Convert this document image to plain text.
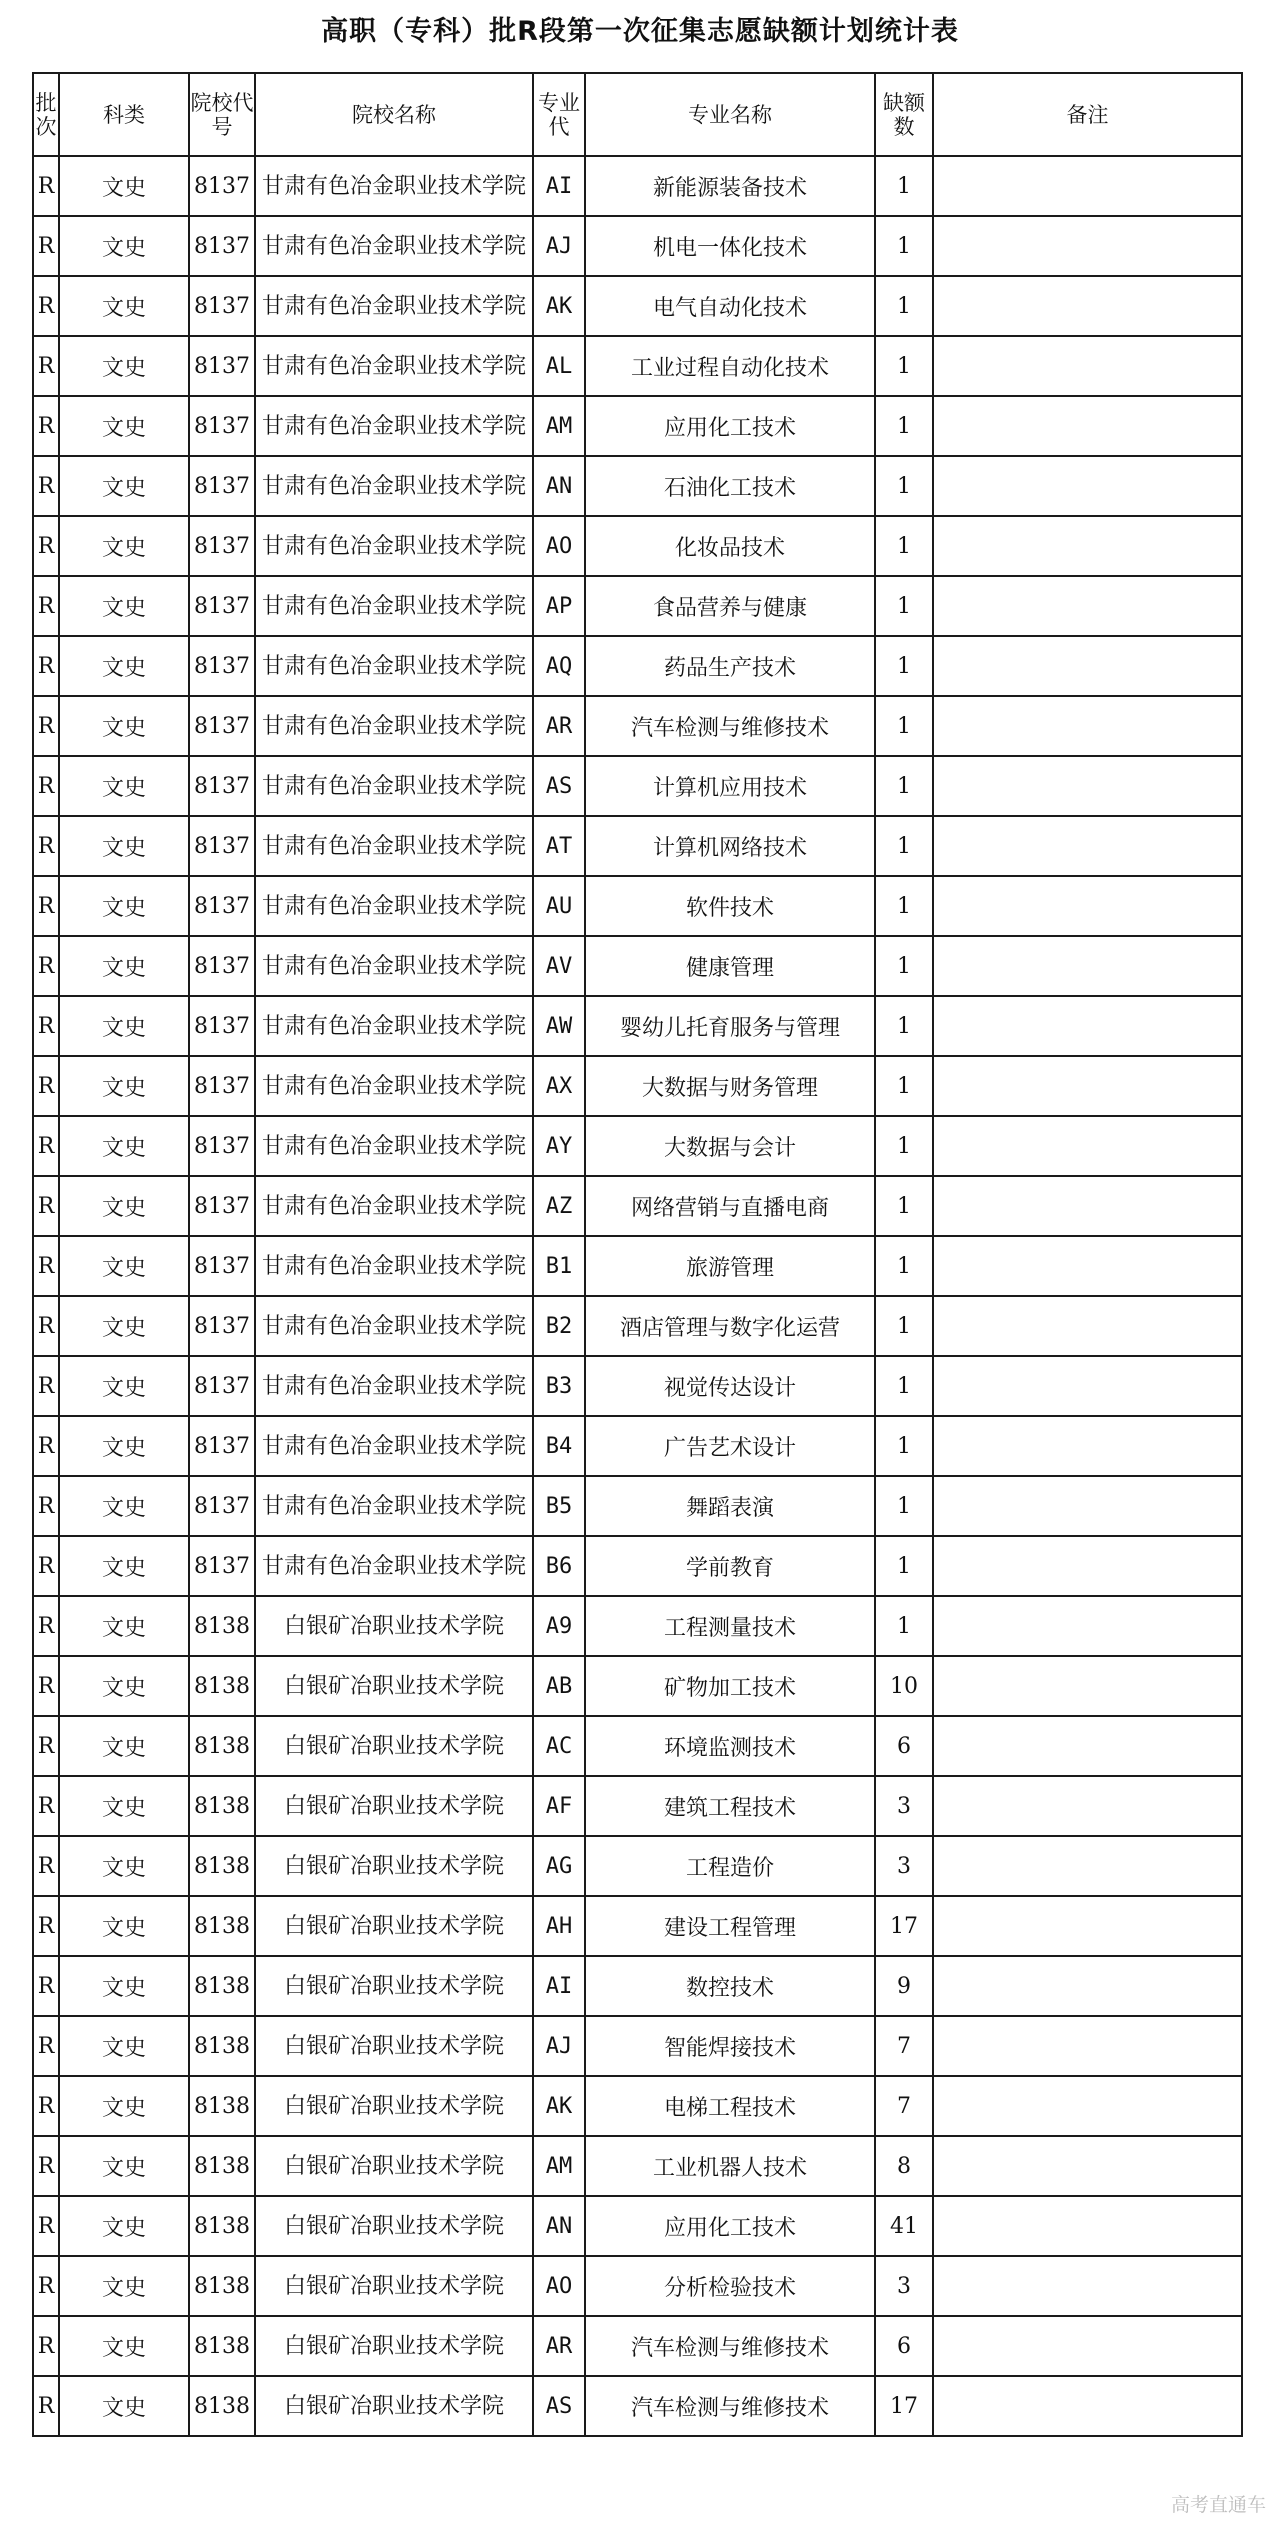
高职（专科）批R段第一次征集志愿缺额计划统计表
批次	科类	院校代号	院校名称	专业代	专业名称	缺额数	备注
R	文史	8137	甘肃有色冶金职业技术学院	AI	新能源装备技术	1	
R	文史	8137	甘肃有色冶金职业技术学院	AJ	机电一体化技术	1	
R	文史	8137	甘肃有色冶金职业技术学院	AK	电气自动化技术	1	
R	文史	8137	甘肃有色冶金职业技术学院	AL	工业过程自动化技术	1	
R	文史	8137	甘肃有色冶金职业技术学院	AM	应用化工技术	1	
R	文史	8137	甘肃有色冶金职业技术学院	AN	石油化工技术	1	
R	文史	8137	甘肃有色冶金职业技术学院	AO	化妆品技术	1	
R	文史	8137	甘肃有色冶金职业技术学院	AP	食品营养与健康	1	
R	文史	8137	甘肃有色冶金职业技术学院	AQ	药品生产技术	1	
R	文史	8137	甘肃有色冶金职业技术学院	AR	汽车检测与维修技术	1	
R	文史	8137	甘肃有色冶金职业技术学院	AS	计算机应用技术	1	
R	文史	8137	甘肃有色冶金职业技术学院	AT	计算机网络技术	1	
R	文史	8137	甘肃有色冶金职业技术学院	AU	软件技术	1	
R	文史	8137	甘肃有色冶金职业技术学院	AV	健康管理	1	
R	文史	8137	甘肃有色冶金职业技术学院	AW	婴幼儿托育服务与管理	1	
R	文史	8137	甘肃有色冶金职业技术学院	AX	大数据与财务管理	1	
R	文史	8137	甘肃有色冶金职业技术学院	AY	大数据与会计	1	
R	文史	8137	甘肃有色冶金职业技术学院	AZ	网络营销与直播电商	1	
R	文史	8137	甘肃有色冶金职业技术学院	B1	旅游管理	1	
R	文史	8137	甘肃有色冶金职业技术学院	B2	酒店管理与数字化运营	1	
R	文史	8137	甘肃有色冶金职业技术学院	B3	视觉传达设计	1	
R	文史	8137	甘肃有色冶金职业技术学院	B4	广告艺术设计	1	
R	文史	8137	甘肃有色冶金职业技术学院	B5	舞蹈表演	1	
R	文史	8137	甘肃有色冶金职业技术学院	B6	学前教育	1	
R	文史	8138	白银矿冶职业技术学院	A9	工程测量技术	1	
R	文史	8138	白银矿冶职业技术学院	AB	矿物加工技术	10	
R	文史	8138	白银矿冶职业技术学院	AC	环境监测技术	6	
R	文史	8138	白银矿冶职业技术学院	AF	建筑工程技术	3	
R	文史	8138	白银矿冶职业技术学院	AG	工程造价	3	
R	文史	8138	白银矿冶职业技术学院	AH	建设工程管理	17	
R	文史	8138	白银矿冶职业技术学院	AI	数控技术	9	
R	文史	8138	白银矿冶职业技术学院	AJ	智能焊接技术	7	
R	文史	8138	白银矿冶职业技术学院	AK	电梯工程技术	7	
R	文史	8138	白银矿冶职业技术学院	AM	工业机器人技术	8	
R	文史	8138	白银矿冶职业技术学院	AN	应用化工技术	41	
R	文史	8138	白银矿冶职业技术学院	AO	分析检验技术	3	
R	文史	8138	白银矿冶职业技术学院	AR	汽车检测与维修技术	6	
R	文史	8138	白银矿冶职业技术学院	AS	汽车检测与维修技术	17	
高考直通车
